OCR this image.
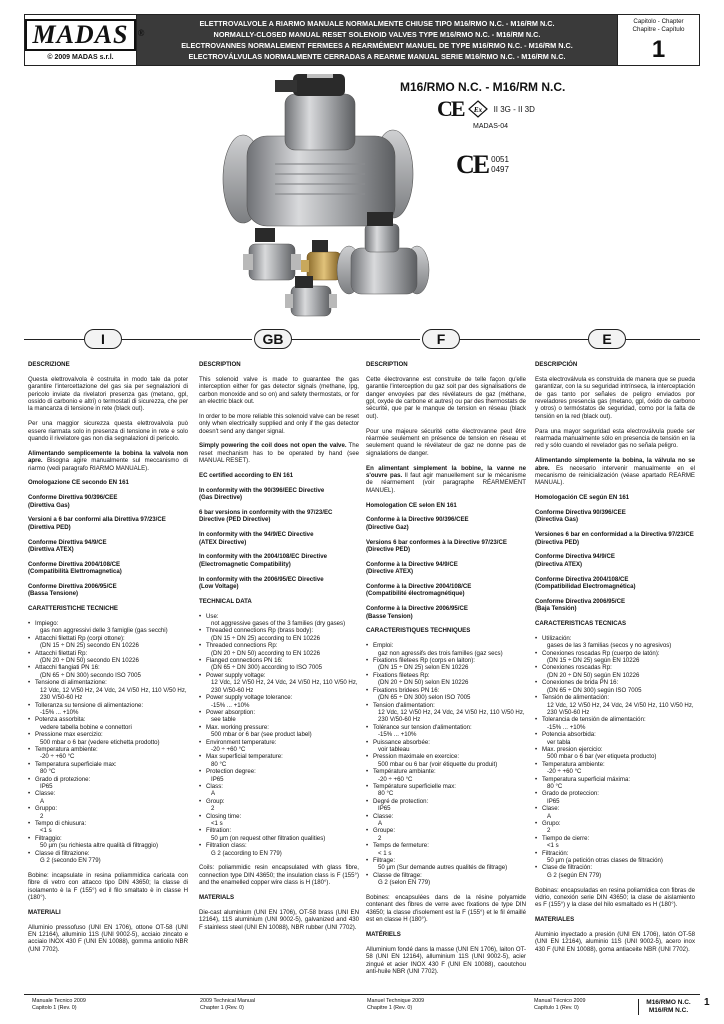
MADAS ®
© 2009 MADAS s.r.l.
ELETTROVALVOLE A RIARMO MANUALE NORMALMENTE CHIUSE TIPO M16/RMO N.C. - M16/RM N.C.
NORMALLY-CLOSED MANUAL RESET SOLENOID VALVES TYPE M16/RMO N.C. - M16/RM N.C.
ELECTROVANNES NORMALEMENT FERMEES A REARMÉMENT MANUEL DE TYPE M16/RMO N.C. - M16/RM N.C.
ELECTROVÁLVULAS NORMALMENTE CERRADAS A REARME MANUAL SERIE M16/RMO N.C. - M16/RM N.C.
Capitolo - Chapter
Chapitre - Capítulo
1
M16/RMO N.C. - M16/RM N.C.
CE Ex II 3G - II 3D
MADAS-04
CE 0051
0497
I	GB	F	E
DESCRIZIONE

Questa elettrovalvola è costruita in modo tale da poter garantire l'intercettazione del gas sia per segnalazioni di pericolo inviate da rivelatori presenza gas (metano, gpl, ossido di carbonio e altri) o termostati di sicurezza, che per la mancanza di tensione in rete (black out).

Per una maggior sicurezza questa elettrovalvola può essere riarmata solo in presenza di tensione in rete e solo quando il rivelatore gas non dia segnalazioni di pericolo.

Alimentando semplicemente la bobina la valvola non apre. Bisogna agire manualmente sul meccanismo di riarmo (vedi paragrafo RIARMO MANUALE).

Omologazione CE secondo EN 161
Conforme Direttiva 90/396/CEE
(Direttiva Gas)
Versioni a 6 bar conformi alla Direttiva 97/23/CE
(Direttiva PED)
Conforme Direttiva 94/9/CE
(Direttiva ATEX)
Conforme Direttiva 2004/108/CE
(Compatibilità Elettromagnetica)
Conforme Direttiva 2006/95/CE
(Bassa Tensione)
CARATTERISTICHE TECNICHE
• Impiego:
gas non aggressivi delle 3 famiglie (gas secchi)
• Attacchi filettati Rp (corpi ottone):
(DN 15 ÷ DN 25) secondo EN 10226
• Attacchi filettati Rp:
(DN 20 ÷ DN 50) secondo EN 10226
• Attacchi flangiati PN 16:
(DN 65 ÷ DN 300) secondo ISO 7005
• Tensione di alimentazione:
12 Vdc, 12 V/50 Hz, 24 Vdc, 24 V/50 Hz, 110 V/50 Hz, 230 V/50-60 Hz
• Tolleranza su tensione di alimentazione:
-15% ... +10%
• Potenza assorbita:
vedere tabella bobine e connettori
• Pressione max esercizio:
500 mbar o 6 bar (vedere etichetta prodotto)
• Temperatura ambiente:
-20 ÷ +60 °C
• Temperatura superficiale max:
80 °C
• Grado di protezione:
IP65
• Classe:
A
• Gruppo:
2
• Tempo di chiusura:
<1 s
• Filtraggio:
50 µm (su richiesta altre qualità di filtraggio)
• Classe di filtrazione:
G 2 (secondo EN 779)

Bobine: incapsulate in resina poliammidica caricata con fibre di vetro con attacco tipo DIN 43650; la classe di isolamento è la F (155°) ed il filo smaltato è in classe H (180°).

MATERIALI

Alluminio pressofuso (UNI EN 1706), ottone OT-58 (UNI EN 12164), alluminio 11S (UNI 9002-5), acciaio zincato e acciaio INOX 430 F (UNI EN 10088), gomma antiolio NBR (UNI 7702).

DESCRIPTION

This solenoid valve is made to guarantee the gas interception either for gas detector signals (methane, lpg, carbon monoxide and so on) and safety thermostats, or for an electric black out.

In order to be more reliable this solenoid valve can be reset only when electrically supplied and only if the gas detector doesn't send any danger signal.

Simply powering the coil does not open the valve. The reset mechanism has to be operated by hand (see MANUAL RESET).

EC certified according to EN 161
In conformity with the 90/396/EEC Directive
(Gas Directive)
6 bar versions in conformity with the 97/23/EC Directive (PED Directive)
In conformity with the 94/9/EC Directive
(ATEX Directive)
In conformity with the 2004/108/EC Directive
(Electromagnetic Compatibility)
In conformity with the 2006/95/EC Directive
(Low Voltage)
TECHNICAL DATA
• Use:
not aggressive gases of the 3 families (dry gases)
• Threaded connections Rp (brass body):
(DN 15 ÷ DN 25) according to EN 10226
• Threaded connections Rp:
(DN 20 ÷ DN 50) according to EN 10226
• Flanged connections PN 16:
(DN 65 ÷ DN 300) according to ISO 7005
• Power supply voltage:
12 Vdc, 12 V/50 Hz, 24 Vdc, 24 V/50 Hz, 110 V/50 Hz, 230 V/50-60 Hz
• Power supply voltage tolerance:
-15% ... +10%
• Power absorption:
see table
• Max. working pressure:
500 mbar or 6 bar (see product label)
• Environment temperature:
-20 ÷ +60 °C
• Max superficial temperature:
80 °C
• Protection degree:
IP65
• Class:
A
• Group:
2
• Closing time:
<1 s
• Filtration:
50 µm (on request other filtration qualities)
• Filtration class:
G 2 (according to EN 779)

Coils: poliammidic resin encapsulated with glass fibre, connection type DIN 43650; the insulation class is F (155°) and the enamelled copper wire class is H (180°).

MATERIALS

Die-cast aluminium (UNI EN 1706), OT-58 brass (UNI EN 12164), 11S aluminium (UNI 9002-5), galvanized and 430 F stainless steel (UNI EN 10088), NBR rubber (UNI 7702).

DESCRIPTION

Cette électrovanne est construite de telle façon qu'elle garantie l'interception du gaz soit par des signalisations de danger envoyées par des révélateurs de gaz (méthane, gpl, oxyde de carbone et autres) ou par des thermostats de sécurité, que par le manque de tension en réseau (black out).

Pour une majeure sécurité cette électrovanne peut être réarmée seulement en présence de tension en réseau et seulement quand le révélateur de gaz ne donne pas de signalations de danger.

En alimentant simplement la bobine, la vanne ne s'ouvre pas. Il faut agir manuellement sur le mécanisme de réarmement (voir paragraphe RÉARMEMENT MANUEL).

Homologation CE selon EN 161
Conforme à la Directive 90/396/CEE
(Directive Gaz)
Versions 6 bar conformes à la Directive 97/23/CE
(Directive PED)
Conforme à la Directive 94/9/CE
(Directive ATEX)
Conforme à la Directive 2004/108/CE
(Compatibilité électromagnétique)
Conforme à la Directive 2006/95/CE
(Basse Tension)
CARACTERISTIQUES TECHNIQUES
• Emploi:
gaz non agressifs des trois familles (gaz secs)
• Fixations filetees Rp (corps en laiton):
(DN 15 ÷ DN 25) selon EN 10226
• Fixations filetees Rp:
(DN 20 ÷ DN 50) selon EN 10226
• Fixations bridees PN 16:
(DN 65 ÷ DN 300) selon ISO 7005
• Tension d'alimentation:
12 Vdc, 12 V/50 Hz, 24 Vdc, 24 V/50 Hz, 110 V/50 Hz, 230 V/50-60 Hz
• Tolérance sur tension d'alimentation:
-15% ... +10%
• Puissance absorbée:
voir tableau
• Pression maximale en exercice:
500 mbar ou 6 bar (voir étiquette du produit)
• Température ambiante:
-20 ÷ +60 °C
• Température superficielle max:
80 °C
• Degré de protection:
IP65
• Classe:
A
• Groupe:
2
• Temps de fermeture:
< 1 s
• Filtrage:
50 µm (Sur demande autres qualités de filtrage)
• Classe de filtrage:
G 2 (selon EN 779)

Bobines: encapsulées dans de la résine polyamide contenant des fibres de verre avec fixations de type DIN 43650; la classe d'isolement est la F (155°) et le fil émaillé est en classe H (180°).

MATÉRIELS

Alluminium fondé dans la masse (UNI EN 1706), laiton OT-58 (UNI EN 12164), alluminium 11S (UNI 9002-5), acier zingué et acier INOX 430 F (UNI EN 10088), caoutchou anti-huile NBR (UNI 7702).

DESCRIPCIÓN

Esta electroválvula es construida de manera que se pueda garantizar, con la su seguridad intrínseca, la interceptación de gas tanto por señales de peligro enviados por reveladores presencia gas (metano, gpl, óxido de carbono y otros) o termóstatos de seguridad, como por la falta de tensión en la red (black out).

Para una mayor seguridad esta electroválvula puede ser rearmada manualmente sólo en presencia de tensión en la red y sólo cuando el revelador gas no señala peligro.

Alimentando simplemente la bobina, la válvula no se abre. Es necesario intervenir manualmente en el mecanismo de reinicialización (véase apartado REARME MANUAL).

Homologación CE según EN 161
Conforme Directiva 90/396/CEE
(Directiva Gas)
Versiones 6 bar en conformidad a la Directiva 97/23/CE (Directiva PED)
Conforme Directiva 94/9/CE
(Directiva ATEX)
Conforme Directiva 2004/108/CE
(Compatibilidad Electromagnética)
Conforme Directiva 2006/95/CE
(Baja Tensión)
CARACTERISTICAS TECNICAS
• Utilización:
gases de las 3 familias (secos y no agresivos)
• Conexiones roscadas Rp (cuerpo de latón):
(DN 15 ÷ DN 25) según EN 10226
• Conexiones roscadas Rp:
(DN 20 ÷ DN 50) según EN 10226
• Conexiones de brida PN 16:
(DN 65 ÷ DN 300) según ISO 7005
• Tensión de alimentación:
12 Vdc, 12 V/50 Hz, 24 Vdc, 24 V/50 Hz, 110 V/50 Hz, 230 V/50-60 Hz
• Tolerancia de tensión de alimentación:
-15% ... +10%
• Potencia absorbida:
ver tabla
• Max. presion ejercicio:
500 mbar o 6 bar (ver etiqueta producto)
• Temperatura ambiente:
-20 ÷ +60 °C
• Temperatura superficial máxima:
80 °C
• Grado de proteccion:
IP65
• Clase:
A
• Grupo:
2
• Tiempo de cierre:
<1 s
• Filtración:
50 µm (a petición otras clases de filtración)
• Clase de filtración:
G 2 (según EN 779)

Bobinas: encapsuladas en resina poliamídica con fibras de vidrio, conexión serie DIN 43650; la clase de aislamiento es F (155°) y la clase del hilo esmaltado es H (180°).

MATERIALES

Aluminio inyectado a presión (UNI EN 1706), latón OT-58 (UNI EN 12164), aluminio 11S (UNI 9002-5), acero inox 430 F (UNI EN 10088), goma antiaceite NBR (UNI 7702).

Manuale Tecnico 2009
Capitolo 1 (Rev. 0)
2009 Technical Manual
Chapter 1 (Rev. 0)
Manuel Technique 2009
Chapitre 1 (Rev. 0)
Manual Técnico 2009
Capítulo 1 (Rev. 0)
M16/RMO N.C.
M16/RM N.C.
1
